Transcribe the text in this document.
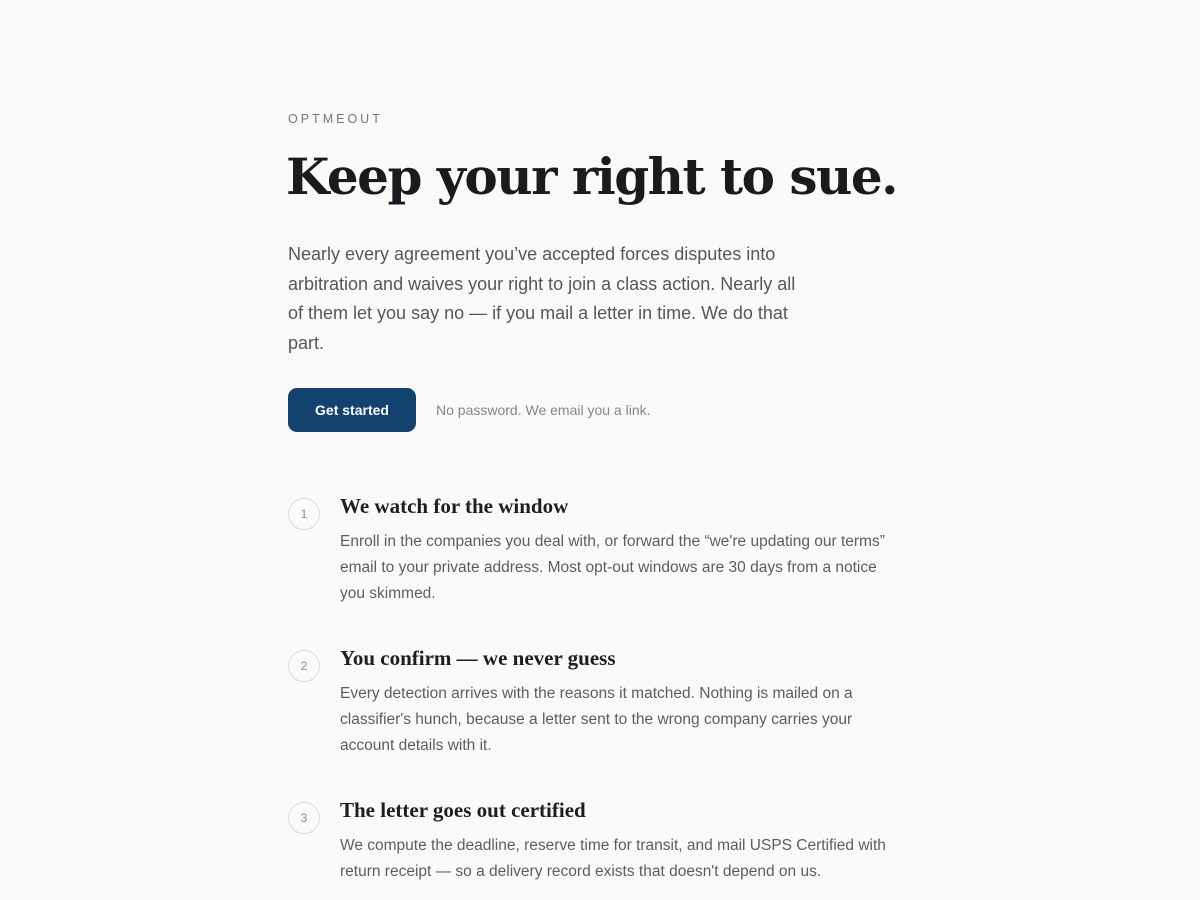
OPTMEOUT
Keep your right to sue.

Nearly every agreement you’ve accepted forces disputes into arbitration and waives your right to join a class action. Nearly all of them let you say no — if you mail a letter in time. We do that part.

Get started	No password. We email you a link.
1	We watch for the window

Enroll in the companies you deal with, or forward the “we're updating our terms” email to your private address. Most opt-out windows are 30 days from a notice you skimmed.

2	You confirm — we never guess

Every detection arrives with the reasons it matched. Nothing is mailed on a classifier's hunch, because a letter sent to the wrong company carries your account details with it.

3	The letter goes out certified

We compute the deadline, reserve time for transit, and mail USPS Certified with return receipt — so a delivery record exists that doesn't depend on us.
